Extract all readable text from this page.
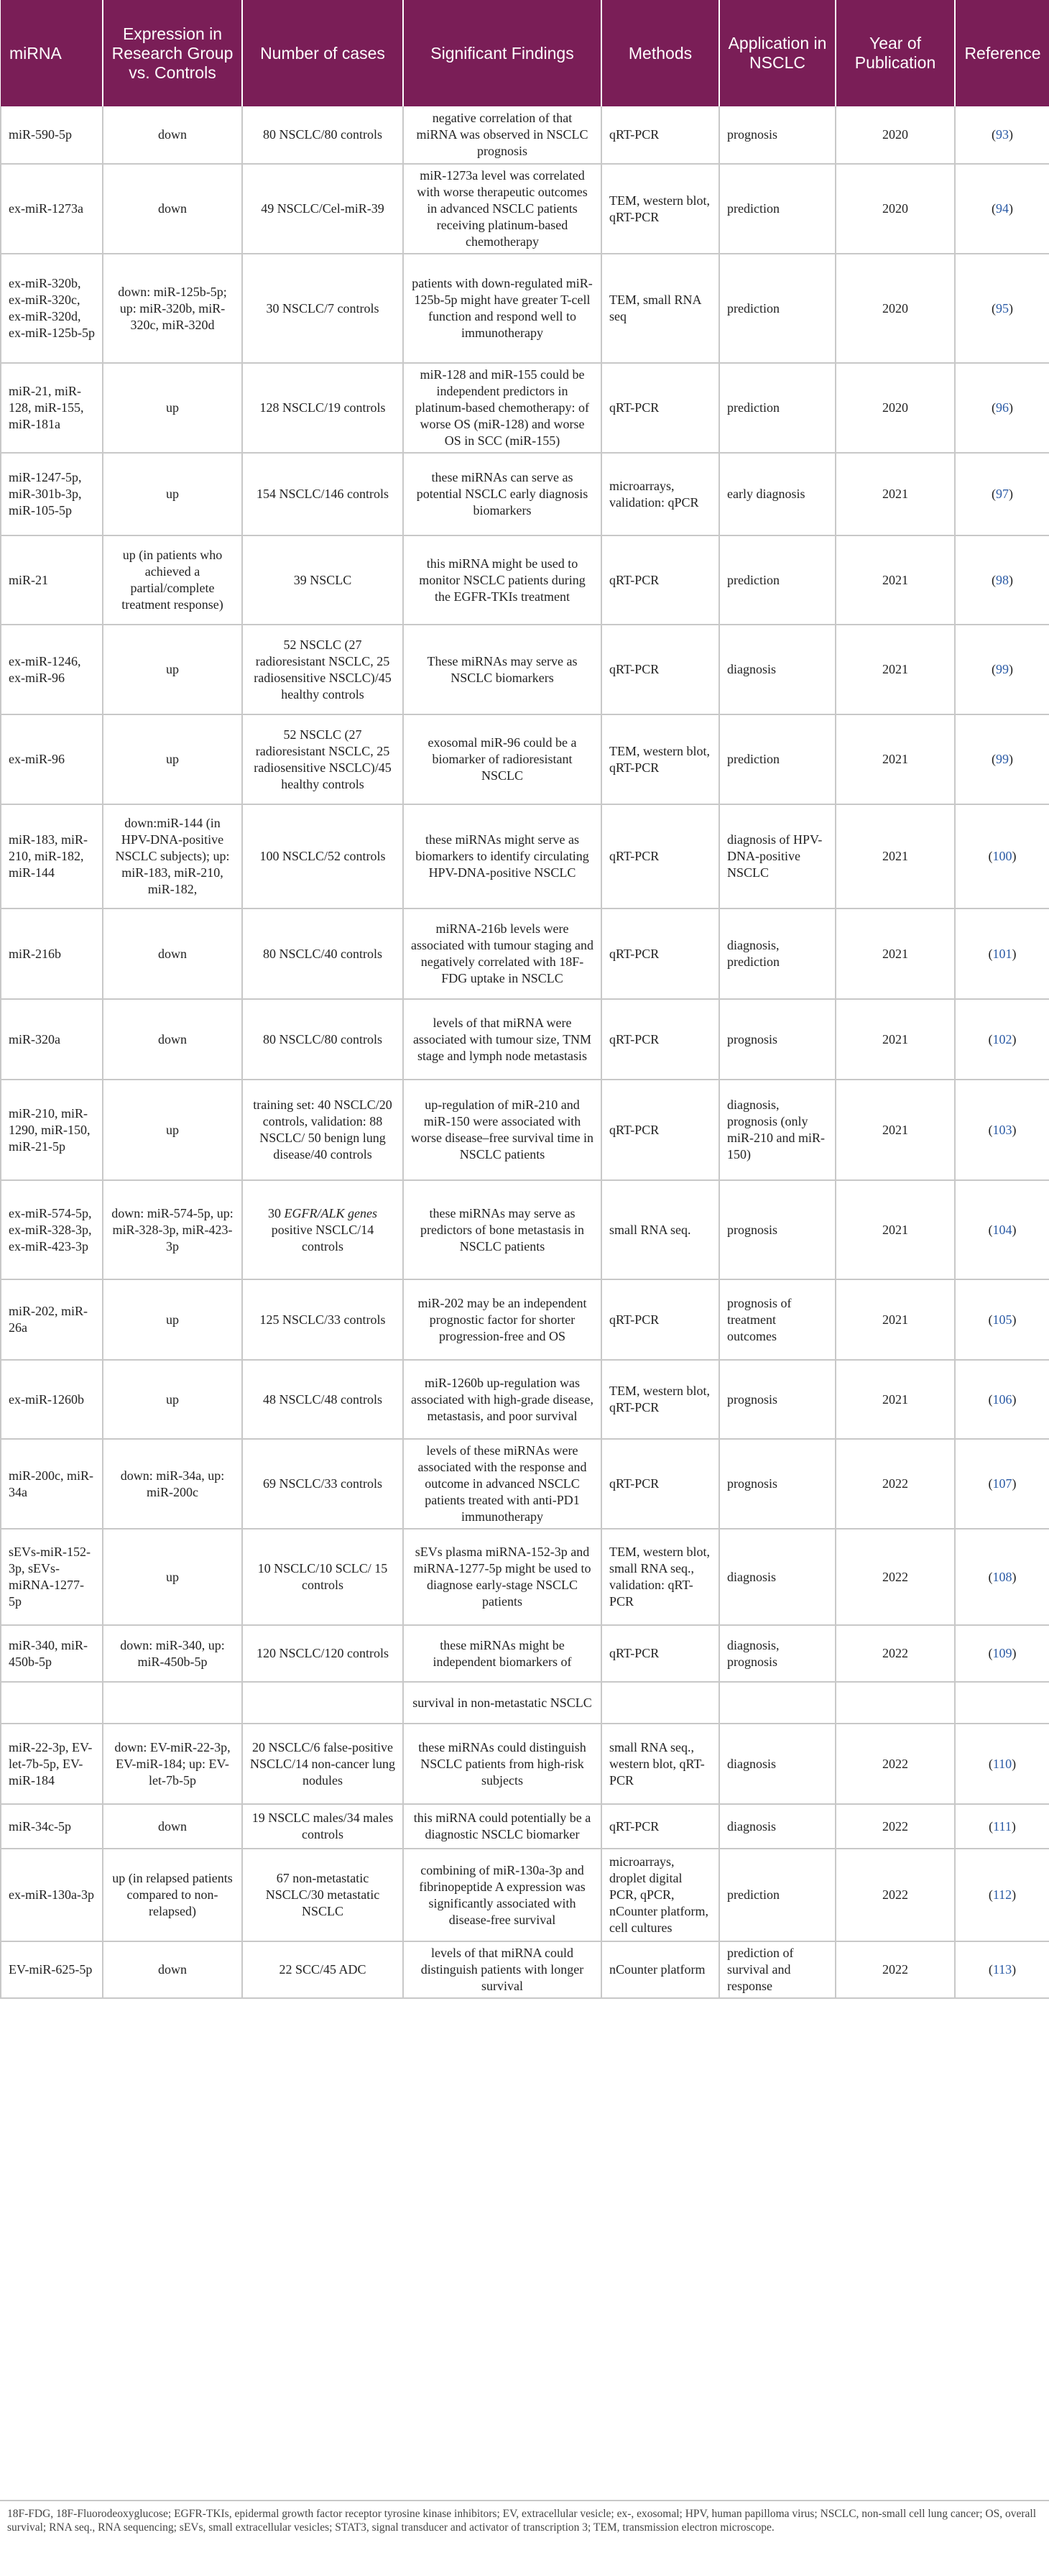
miRNA	Expression in Research Group vs. Controls	Number of cases	Significant Findings	Methods	Application in NSCLC	Year of Publication	Reference
miR-590-5p	down	80 NSCLC/80 controls	negative correlation of that miRNA was observed in NSCLC prognosis	qRT-PCR	prognosis	2020	(93)
ex-miR-1273a	down	49 NSCLC/Cel-miR-39	miR-1273a level was correlated with worse therapeutic outcomes in advanced NSCLC patients receiving platinum-based chemotherapy	TEM, western blot, qRT-PCR	prediction	2020	(94)
ex-miR-320b, ex-miR-320c, ex-miR-320d, ex-miR-125b-5p	down: miR-125b-5p; up: miR-320b, miR-320c, miR-320d	30 NSCLC/7 controls	patients with down-regulated miR-125b-5p might have greater T-cell function and respond well to immunotherapy	TEM, small RNA seq	prediction	2020	(95)
miR-21, miR-128, miR-155, miR-181a	up	128 NSCLC/19 controls	miR-128 and miR-155 could be independent predictors in platinum-based chemotherapy: of worse OS (miR-128) and worse OS in SCC (miR-155)	qRT-PCR	prediction	2020	(96)
miR-1247-5p, miR-301b-3p, miR-105-5p	up	154 NSCLC/146 controls	these miRNAs can serve as potential NSCLC early diagnosis biomarkers	microarrays, validation: qPCR	early diagnosis	2021	(97)
miR-21	up (in patients who achieved a partial/complete treatment response)	39 NSCLC	this miRNA might be used to monitor NSCLC patients during the EGFR-TKIs treatment	qRT-PCR	prediction	2021	(98)
ex-miR-1246, ex-miR-96	up	52 NSCLC (27 radioresistant NSCLC, 25 radiosensitive NSCLC)/45 healthy controls	These miRNAs may serve as NSCLC biomarkers	qRT-PCR	diagnosis	2021	(99)
ex-miR-96	up	52 NSCLC (27 radioresistant NSCLC, 25 radiosensitive NSCLC)/45 healthy controls	exosomal miR-96 could be a biomarker of radioresistant NSCLC	TEM, western blot, qRT-PCR	prediction	2021	(99)
miR-183, miR-210, miR-182, miR-144	down:miR-144 (in HPV-DNA-positive NSCLC subjects); up: miR-183, miR-210, miR-182,	100 NSCLC/52 controls	these miRNAs might serve as biomarkers to identify circulating HPV-DNA-positive NSCLC	qRT-PCR	diagnosis of HPV-DNA-positive NSCLC	2021	(100)
miR-216b	down	80 NSCLC/40 controls	miRNA-216b levels were associated with tumour staging and negatively correlated with 18F-FDG uptake in NSCLC	qRT-PCR	diagnosis, prediction	2021	(101)
miR-320a	down	80 NSCLC/80 controls	levels of that miRNA were associated with tumour size, TNM stage and lymph node metastasis	qRT-PCR	prognosis	2021	(102)
miR-210, miR-1290, miR-150, miR-21-5p	up	training set: 40 NSCLC/20 controls, validation: 88 NSCLC/ 50 benign lung disease/40 controls	up-regulation of miR-210 and miR-150 were associated with worse disease–free survival time in NSCLC patients	qRT-PCR	diagnosis, prognosis (only miR-210 and miR-150)	2021	(103)
ex-miR-574-5p, ex-miR-328-3p, ex-miR-423-3p	down: miR-574-5p, up: miR-328-3p, miR-423-3p	30 EGFR/ALK genes positive NSCLC/14 controls	these miRNAs may serve as predictors of bone metastasis in NSCLC patients	small RNA seq.	prognosis	2021	(104)
miR-202, miR-26a	up	125 NSCLC/33 controls	miR-202 may be an independent prognostic factor for shorter progression-free and OS	qRT-PCR	prognosis of treatment outcomes	2021	(105)
ex-miR-1260b	up	48 NSCLC/48 controls	miR-1260b up-regulation was associated with high-grade disease, metastasis, and poor survival	TEM, western blot, qRT-PCR	prognosis	2021	(106)
miR-200c, miR-34a	down: miR-34a, up: miR-200c	69 NSCLC/33 controls	levels of these miRNAs were associated with the response and outcome in advanced NSCLC patients treated with anti-PD1 immunotherapy	qRT-PCR	prognosis	2022	(107)
sEVs-miR-152-3p, sEVs-miRNA-1277-5p	up	10 NSCLC/10 SCLC/ 15 controls	sEVs plasma miRNA-152-3p and miRNA-1277-5p might be used to diagnose early-stage NSCLC patients	TEM, western blot, small RNA seq., validation: qRT-PCR	diagnosis	2022	(108)
miR-340, miR-450b-5p	down: miR-340, up: miR-450b-5p	120 NSCLC/120 controls	these miRNAs might be independent biomarkers of	qRT-PCR	diagnosis, prognosis	2022	(109)
			survival in non-metastatic NSCLC				
miR-22-3p, EV-let-7b-5p, EV-miR-184	down: EV-miR-22-3p, EV-miR-184; up: EV-let-7b-5p	20 NSCLC/6 false-positive NSCLC/14 non-cancer lung nodules	these miRNAs could distinguish NSCLC patients from high-risk subjects	small RNA seq., western blot, qRT-PCR	diagnosis	2022	(110)
miR-34c-5p	down	19 NSCLC males/34 males controls	this miRNA could potentially be a diagnostic NSCLC biomarker	qRT-PCR	diagnosis	2022	(111)
ex-miR-130a-3p	up (in relapsed patients compared to non-relapsed)	67 non-metastatic NSCLC/30 metastatic NSCLC	combining of miR-130a-3p and fibrinopeptide A expression was significantly associated with disease-free survival	microarrays, droplet digital PCR, qPCR, nCounter platform, cell cultures	prediction	2022	(112)
EV-miR-625-5p	down	22 SCC/45 ADC	levels of that miRNA could distinguish patients with longer survival	nCounter platform	prediction of survival and response	2022	(113)
18F-FDG, 18F-Fluorodeoxyglucose; EGFR-TKIs, epidermal growth factor receptor tyrosine kinase inhibitors; EV, extracellular vesicle; ex-, exosomal; HPV, human papilloma virus; NSCLC, non-small cell lung cancer; OS, overall survival; RNA seq., RNA sequencing; sEVs, small extracellular vesicles; STAT3, signal transducer and activator of transcription 3; TEM, transmission electron microscope.
